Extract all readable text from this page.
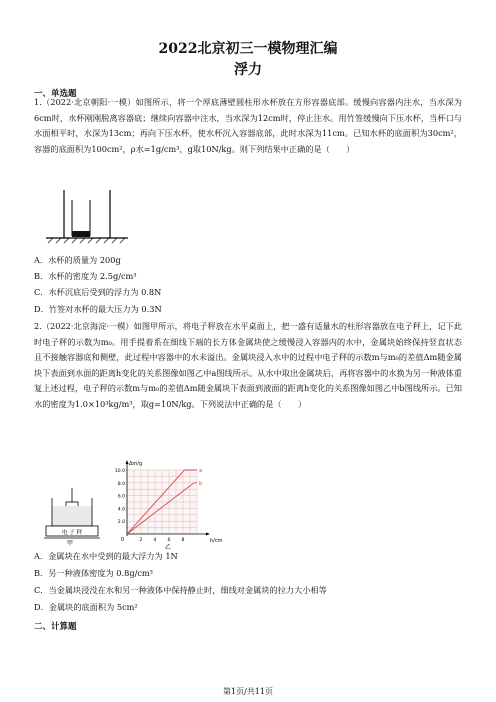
2022北京初三一模物理汇编
浮力
一、单选题
1.（2022·北京朝阳·一模）如图所示，将一个厚底薄壁圆柱形水杯放在方形容器底部。缓慢向容器内注水，当水深为6cm时，水杯刚刚脱离容器底；继续向容器中注水，当水深为12cm时，停止注水。用竹签缓慢向下压水杯，当杯口与水面相平时，水深为13cm；再向下压水杯，使水杯沉入容器底部，此时水深为11cm。已知水杯的底面积为30cm²，容器的底面积为100cm²，ρ水=1g/cm³，g取10N/kg。则下列结果中正确的是（　　）
A．水杯的质量为 200g
B．水杯的密度为 2.5g/cm³
C．水杯沉底后受到的浮力为 0.8N
D．竹签对水杯的最大压力为 0.3N
2.（2022·北京海淀·一模）如图甲所示，将电子秤放在水平桌面上，把一盛有适量水的柱形容器放在电子秤上，记下此时电子秤的示数为m₀。用手提着系在细线下端的长方体金属块使之缓慢浸入容器内的水中，金属块始终保持竖直状态且不接触容器底和侧壁，此过程中容器中的水未溢出。金属块浸入水中的过程中电子秤的示数m与m₀的差值Δm随金属块下表面到水面的距离h变化的关系图像如图乙中a图线所示。从水中取出金属块后，再将容器中的水换为另一种液体重复上述过程，电子秤的示数m与m₀的差值Δm随金属块下表面到液面的距离h变化的关系图像如图乙中b图线所示。已知水的密度为1.0×10³kg/m³，取g=10N/kg。下列说法中正确的是（　　）
电 子 秤
甲
Δm/g
h/cm
0
10.0
8.0
6.0
4.0
2.0
2 4 6 8
a
b
乙
A．金属块在水中受到的最大浮力为 1N
B．另一种液体密度为 0.8g/cm³
C．当金属块浸没在水和另一种液体中保持静止时，细线对金属块的拉力大小相等
D．金属块的底面积为 5cm²
二、计算题
第1页/共11页
